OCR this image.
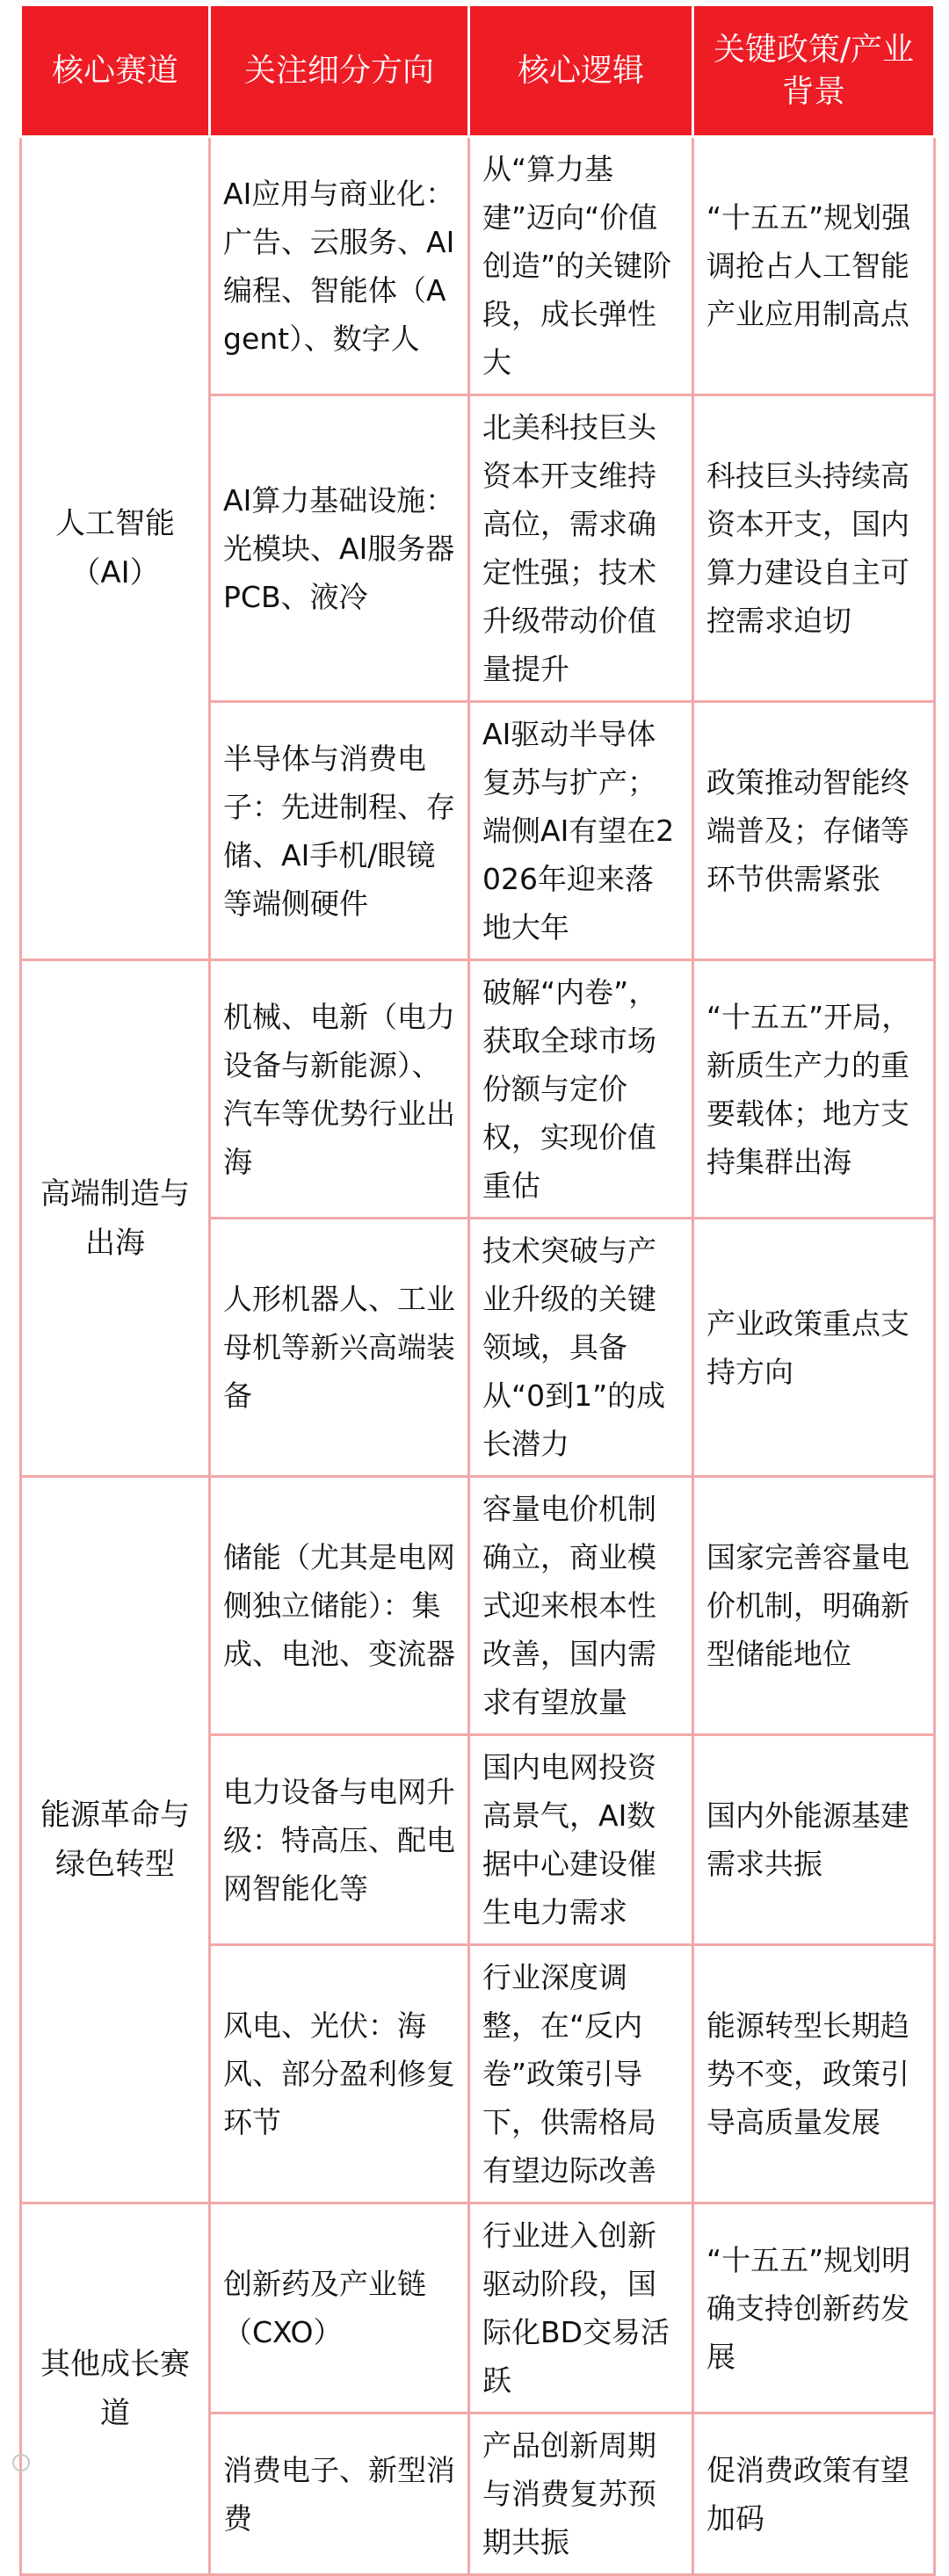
核心赛道	关注细分方向	核心逻辑	关键政策/产业背景
人工智能（AI）	AI应用与商业化：广告、云服务、AI编程、智能体（Agent）、数字人	从“算力基建”迈向“价值创造”的关键阶段，成长弹性大	“十五五”规划强调抢占人工智能产业应用制高点
	AI算力基础设施：光模块、AI服务器PCB、液冷	北美科技巨头资本开支维持高位，需求确定性强；技术升级带动价值量提升	科技巨头持续高资本开支，国内算力建设自主可控需求迫切
	半导体与消费电子：先进制程、存储、AI手机/眼镜等端侧硬件	AI驱动半导体复苏与扩产；端侧AI有望在2026年迎来落地大年	政策推动智能终端普及；存储等环节供需紧张
高端制造与出海	机械、电新（电力设备与新能源）、汽车等优势行业出海	破解“内卷”，获取全球市场份额与定价权，实现价值重估	“十五五”开局，新质生产力的重要载体；地方支持集群出海
	人形机器人、工业母机等新兴高端装备	技术突破与产业升级的关键领域，具备从“0到1”的成长潜力	产业政策重点支持方向
能源革命与绿色转型	储能（尤其是电网侧独立储能）：集成、电池、变流器	容量电价机制确立，商业模式迎来根本性改善，国内需求有望放量	国家完善容量电价机制，明确新型储能地位
	电力设备与电网升级：特高压、配电网智能化等	国内电网投资高景气，AI数据中心建设催生电力需求	国内外能源基建需求共振
	风电、光伏：海风、部分盈利修复环节	行业深度调整，在“反内卷”政策引导下，供需格局有望边际改善	能源转型长期趋势不变，政策引导高质量发展
其他成长赛道	创新药及产业链（CXO）	行业进入创新驱动阶段，国际化BD交易活跃	“十五五”规划明确支持创新药发展
	消费电子、新型消费	产品创新周期与消费复苏预期共振	促消费政策有望加码
